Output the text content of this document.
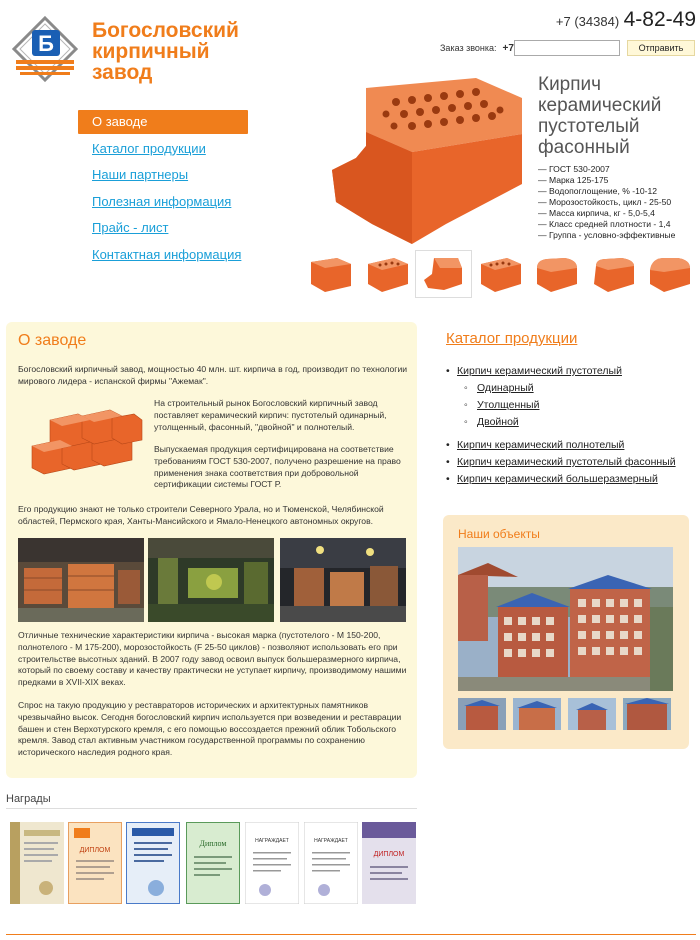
Б
Богословский
кирпичный
завод
+7 (34384) 4-82-49
Заказ звонка: +7	Отправить
О заводе
Каталог продукции
Наши партнеры
Полезная информация
Прайс - лист
Контактная информация
Кирпич
керамический
пустотелый
фасонный
— ГОСТ 530-2007
— Марка 125-175
— Водопоглощение, % -10-12
— Морозостойкость, цикл - 25-50
— Масса кирпича, кг - 5,0-5,4
— Класс средней плотности - 1,4
— Группа - условно-эффективные
О заводе

Богословский кирпичный завод, мощностью 40 млн. шт. кирпича в год, производит по технологии мирового лидера - испанской фирмы "Ажемак".

На строительный рынок Богословский кирпичный завод поставляет керамический кирпич: пустотелый одинарный, утолщенный, фасонный, "двойной" и полнотелый.

Выпускаемая продукция сертифицирована на соответствие требованиям ГОСТ 530-2007, получено разрешение на право применения знака соответствия при добровольной сертификации системы ГОСТ Р.

Его продукцию знают не только строители Северного Урала, но и Тюменской, Челябинской областей, Пермского края, Ханты-Мансийского и Ямало-Ненецкого автономных округов.

Отличные технические характеристики кирпича - высокая марка (пустотелого - М 150-200, полнотелого - М 175-200), морозостойкость (F 25-50 циклов) - позволяют использовать его при строительстве высотных зданий. В 2007 году завод освоил выпуск большеразмерного кирпича, который по своему составу и качеству практически не уступает кирпичу, производимому нашими предками в XVII-XIX веках.

Спрос на такую продукцию у реставраторов исторических и архитектурных памятников чрезвычайно высок. Сегодня богословский кирпич используется при возведении и реставрации башен и стен Верхотурского кремля, с его помощью воссоздается прежний облик Тобольского кремля. Завод стал активным участником государственной программы по сохранению исторического наследия родного края.

Награды
ДИПЛОМ
Диплом	НАГРАЖДАЕТ	НАГРАЖДАЕТ
ДИПЛОМ
Каталог продукции
• Кирпич керамический пустотелый
◦ Одинарный
◦ Утолщенный
◦ Двойной
• Кирпич керамический полнотелый
• Кирпич керамический пустотелый фасонный
• Кирпич керамический большеразмерный
Наши объекты
